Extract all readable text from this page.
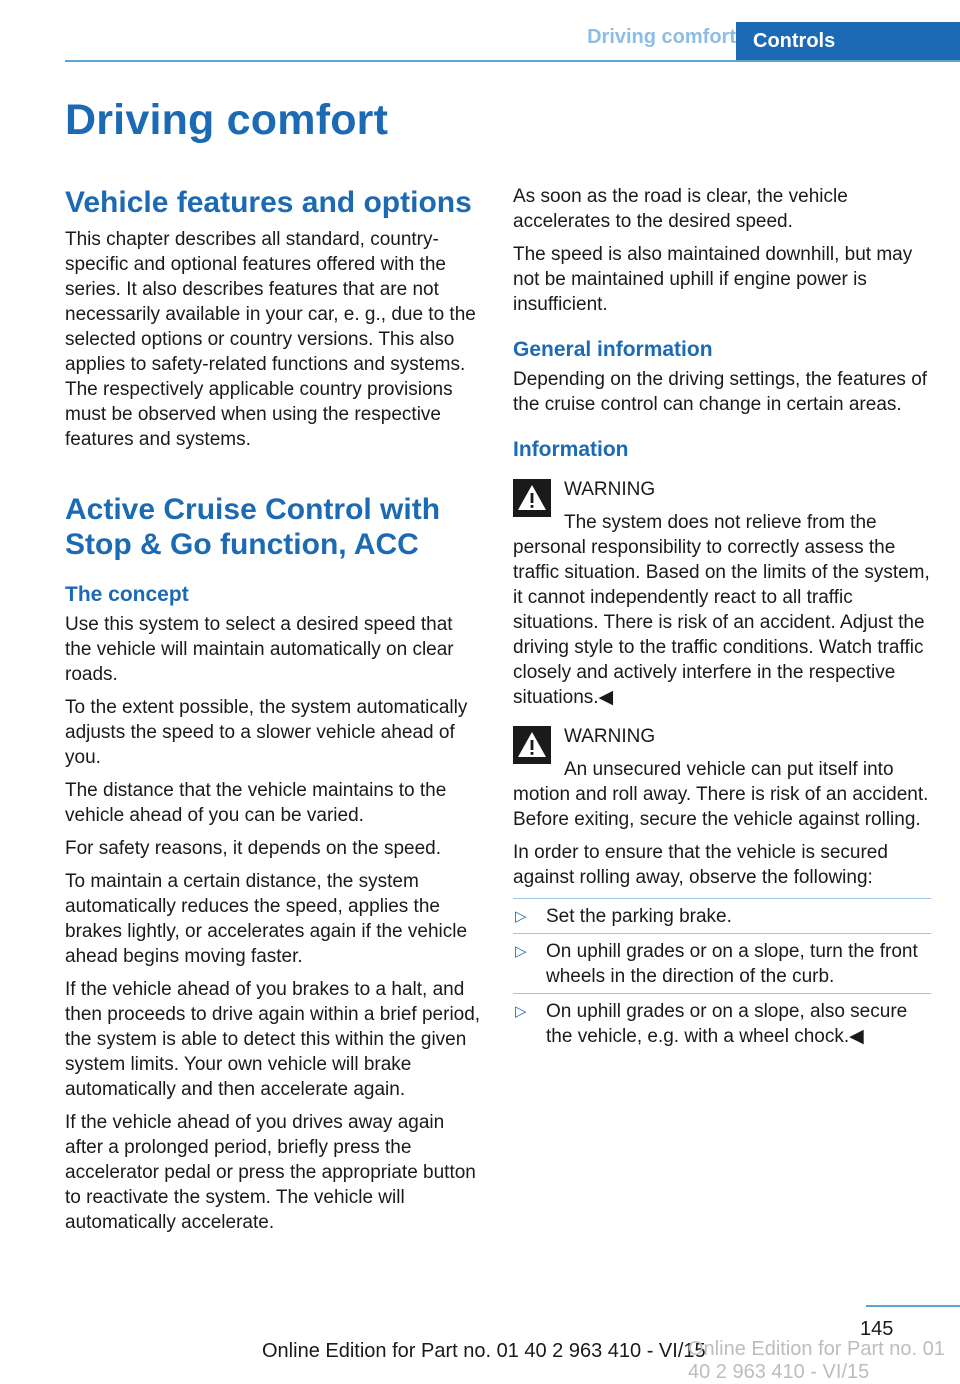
Driving comfort Controls
Driving comfort
Vehicle features and options

This chapter describes all standard, country-specific and optional features offered with the series. It also describes features that are not necessarily available in your car, e. g., due to the selected options or country versions. This also applies to safety-related functions and systems. The respectively applicable country provisions must be observed when using the respective features and systems.

Active Cruise Control with Stop & Go function, ACC
The concept

Use this system to select a desired speed that the vehicle will maintain automatically on clear roads.

To the extent possible, the system automatically adjusts the speed to a slower vehicle ahead of you.

The distance that the vehicle maintains to the vehicle ahead of you can be varied.

For safety reasons, it depends on the speed.

To maintain a certain distance, the system automatically reduces the speed, applies the brakes lightly, or accelerates again if the vehicle ahead begins moving faster.

If the vehicle ahead of you brakes to a halt, and then proceeds to drive again within a brief period, the system is able to detect this within the given system limits. Your own vehicle will brake automatically and then accelerate again.

If the vehicle ahead of you drives away again after a prolonged period, briefly press the accelerator pedal or press the appropriate button to reactivate the system. The vehicle will automatically accelerate.

As soon as the road is clear, the vehicle accelerates to the desired speed.

The speed is also maintained downhill, but may not be maintained uphill if engine power is insufficient.

General information

Depending on the driving settings, the features of the cruise control can change in certain areas.

Information
WARNING

The system does not relieve from the personal responsibility to correctly assess the traffic situation. Based on the limits of the system, it cannot independently react to all traffic situations. There is risk of an accident. Adjust the driving style to the traffic conditions. Watch traffic closely and actively interfere in the respective situations.◀

WARNING

An unsecured vehicle can put itself into motion and roll away. There is risk of an accident. Before exiting, secure the vehicle against rolling.

In order to ensure that the vehicle is secured against rolling away, observe the following:

▷ Set the parking brake.
▷ On uphill grades or on a slope, turn the front wheels in the direction of the curb.
▷ On uphill grades or on a slope, also secure the vehicle, e.g. with a wheel chock.◀
145
Online Edition for Part no. 01 40 2 963 410 - VI/15
Online Edition for Part no. 01 40 2 963 410 - VI/15
